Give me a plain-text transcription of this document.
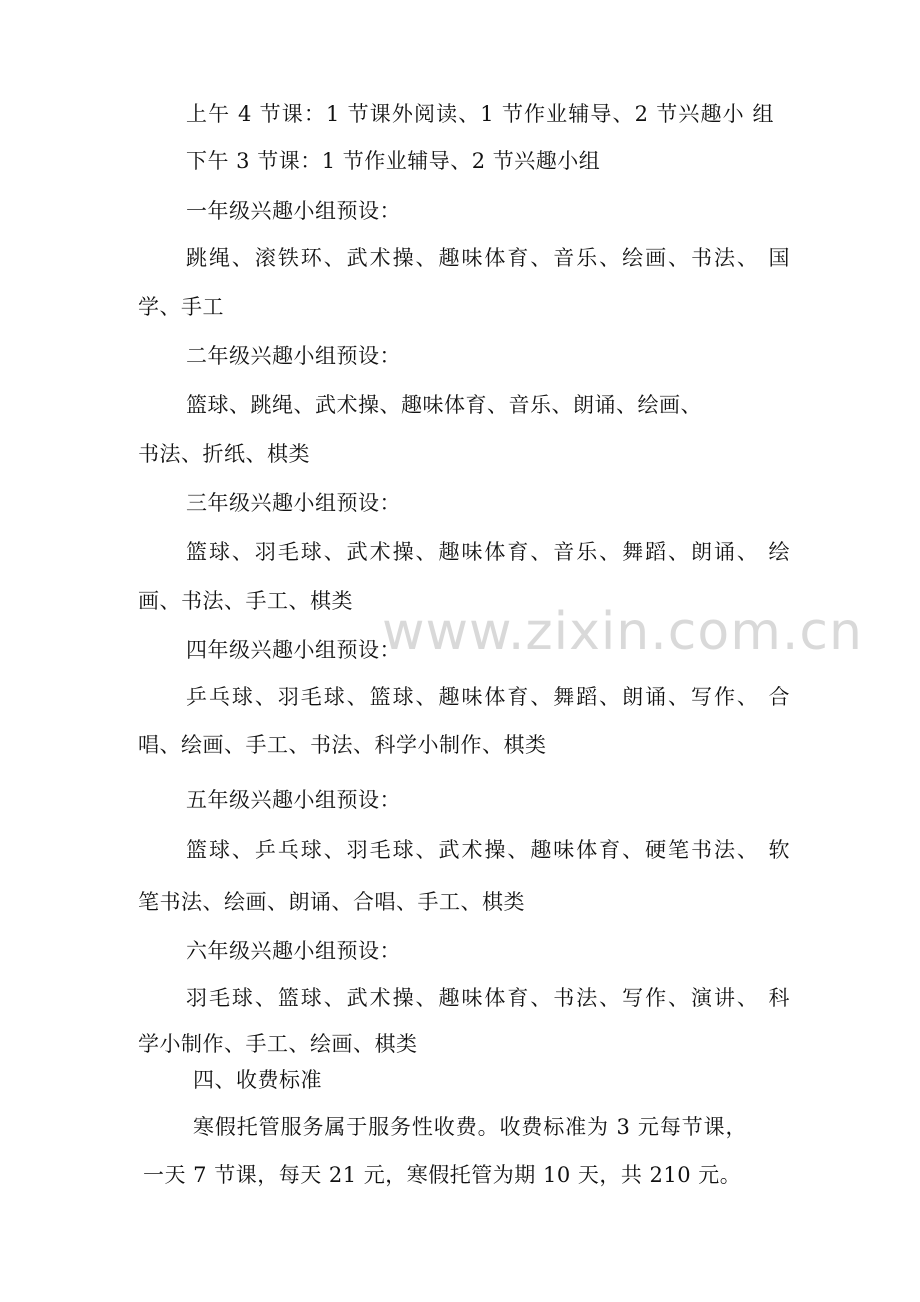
上午 4 节课：1 节课外阅读、1 节作业辅导、2 节兴趣小 组
下午 3 节课：1 节作业辅导、2 节兴趣小组
一年级兴趣小组预设：
跳绳、滚铁环、武术操、趣味体育、音乐、绘画、书法、 国
学、手工
二年级兴趣小组预设：
篮球、跳绳、武术操、趣味体育、音乐、朗诵、绘画、
书法、折纸、棋类
三年级兴趣小组预设：
篮球、羽毛球、武术操、趣味体育、音乐、舞蹈、朗诵、 绘
画、书法、手工、棋类
四年级兴趣小组预设：
乒乓球、羽毛球、篮球、趣味体育、舞蹈、朗诵、写作、 合
唱、绘画、手工、书法、科学小制作、棋类
五年级兴趣小组预设：
篮球、乒乓球、羽毛球、武术操、趣味体育、硬笔书法、 软
笔书法、绘画、朗诵、合唱、手工、棋类
六年级兴趣小组预设：
羽毛球、篮球、武术操、趣味体育、书法、写作、演讲、 科
学小制作、手工、绘画、棋类
四、收费标准
寒假托管服务属于服务性收费。收费标准为 3 元每节课，
一天 7 节课，每天 21 元，寒假托管为期 10 天，共 210 元。
www.zixin.com.cn
